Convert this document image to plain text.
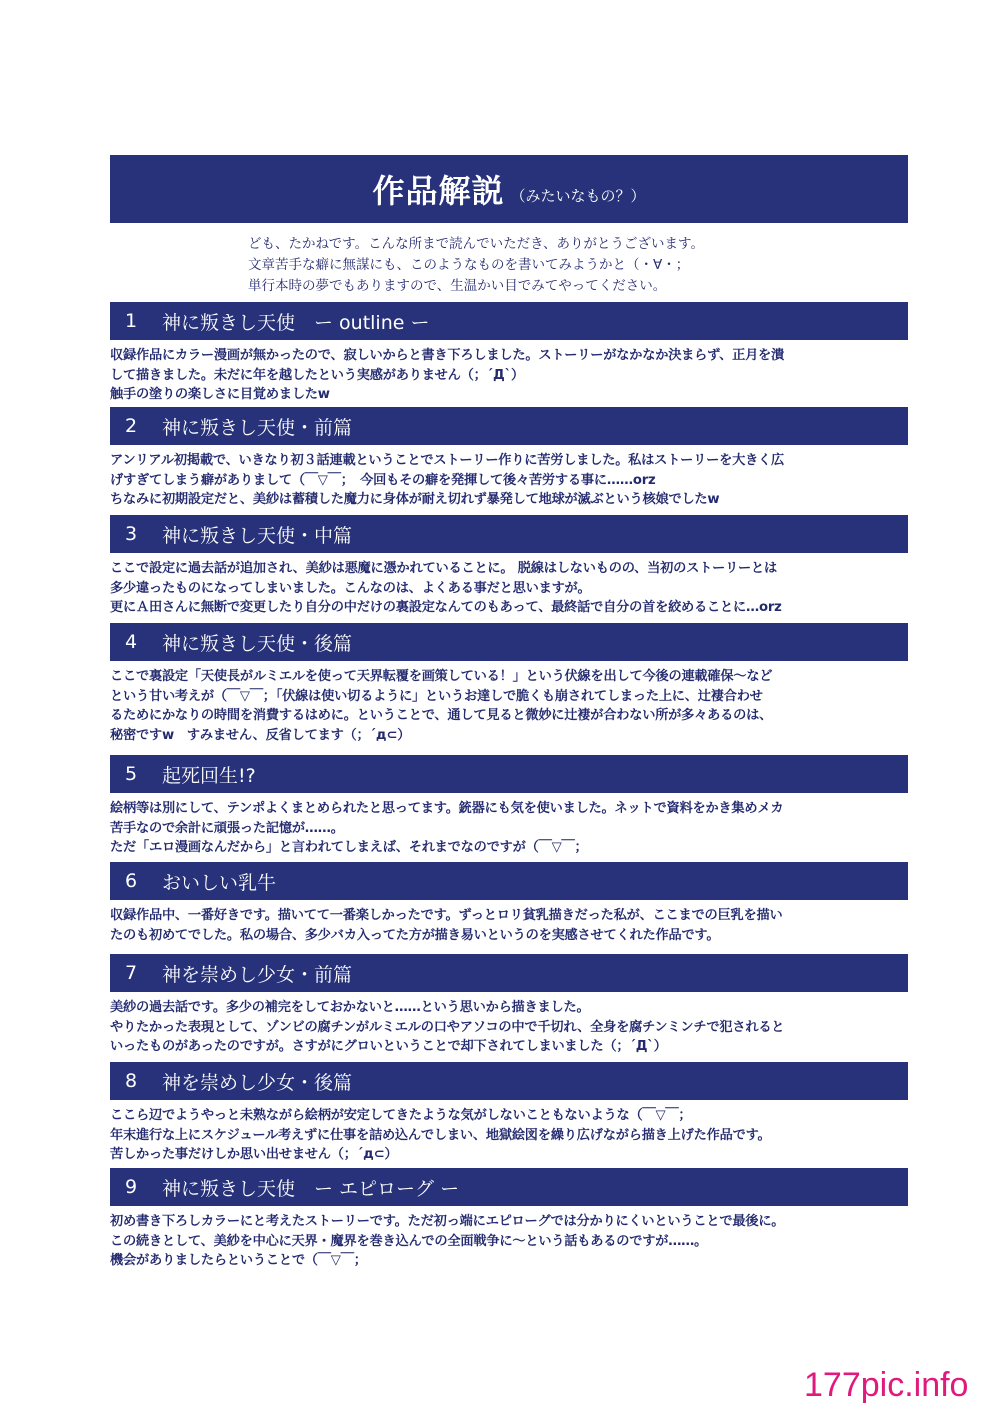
作品解説 （みたいなもの？）
ども、たかねです。こんな所まで読んでいただき、ありがとうございます。
文章苦手な癖に無謀にも、このようなものを書いてみようかと（・∀・；
単行本時の夢でもありますので、生温かい目でみてやってください。
1 神に叛きし天使　ー outline ー
収録作品にカラー漫画が無かったので、寂しいからと書き下ろしました。ストーリーがなかなか決まらず、正月を潰
して描きました。未だに年を越したという実感がありません（；´Д`）
触手の塗りの楽しさに目覚めましたw
2 神に叛きし天使・前篇
アンリアル初掲載で、いきなり初３話連載ということでストーリー作りに苦労しました。私はストーリーを大きく広
げすぎてしまう癖がありまして（￣▽￣；　今回もその癖を発揮して後々苦労する事に……orz
ちなみに初期設定だと、美紗は蓄積した魔力に身体が耐え切れず暴発して地球が滅ぶという核娘でしたw
3 神に叛きし天使・中篇
ここで設定に過去話が追加され、美紗は悪魔に憑かれていることに。 脱線はしないものの、当初のストーリーとは
多少違ったものになってしまいました。こんなのは、よくある事だと思いますが。
更にＡ田さんに無断で変更したり自分の中だけの裏設定なんてのもあって、最終話で自分の首を絞めることに…orz
4 神に叛きし天使・後篇
ここで裏設定「天使長がルミエルを使って天界転覆を画策している！」という伏線を出して今後の連載確保～など
という甘い考えが（￣▽￣；「伏線は使い切るように」というお達しで脆くも崩されてしまった上に、辻褄合わせ
るためにかなりの時間を消費するはめに。ということで、通して見ると微妙に辻褄が合わない所が多々あるのは、
秘密ですw　すみません、反省してます（；´д⊂）
5 起死回生!?
絵柄等は別にして、テンポよくまとめられたと思ってます。銃器にも気を使いました。ネットで資料をかき集めメカ
苦手なので余計に頑張った記憶が……。
ただ「エロ漫画なんだから」と言われてしまえば、それまでなのですが（￣▽￣；
6 おいしい乳牛
収録作品中、一番好きです。描いてて一番楽しかったです。ずっとロリ貧乳描きだった私が、ここまでの巨乳を描い
たのも初めてでした。私の場合、多少バカ入ってた方が描き易いというのを実感させてくれた作品です。
7 神を崇めし少女・前篇
美紗の過去話です。多少の補完をしておかないと……という思いから描きました。
やりたかった表現として、ゾンビの腐チンがルミエルの口やアソコの中で千切れ、全身を腐チンミンチで犯されると
いったものがあったのですが。さすがにグロいということで却下されてしまいました（；´Д`）
8 神を崇めし少女・後篇
ここら辺でようやっと未熟ながら絵柄が安定してきたような気がしないこともないような（￣▽￣；
年末進行な上にスケジュール考えずに仕事を詰め込んでしまい、地獄絵図を繰り広げながら描き上げた作品です。
苦しかった事だけしか思い出せません（；´д⊂）
9 神に叛きし天使　ー エピローグ ー
初め書き下ろしカラーにと考えたストーリーです。ただ初っ端にエピローグでは分かりにくいということで最後に。
この続きとして、美紗を中心に天界・魔界を巻き込んでの全面戦争に～という話もあるのですが……。
機会がありましたらということで（￣▽￣；
177pic.info
